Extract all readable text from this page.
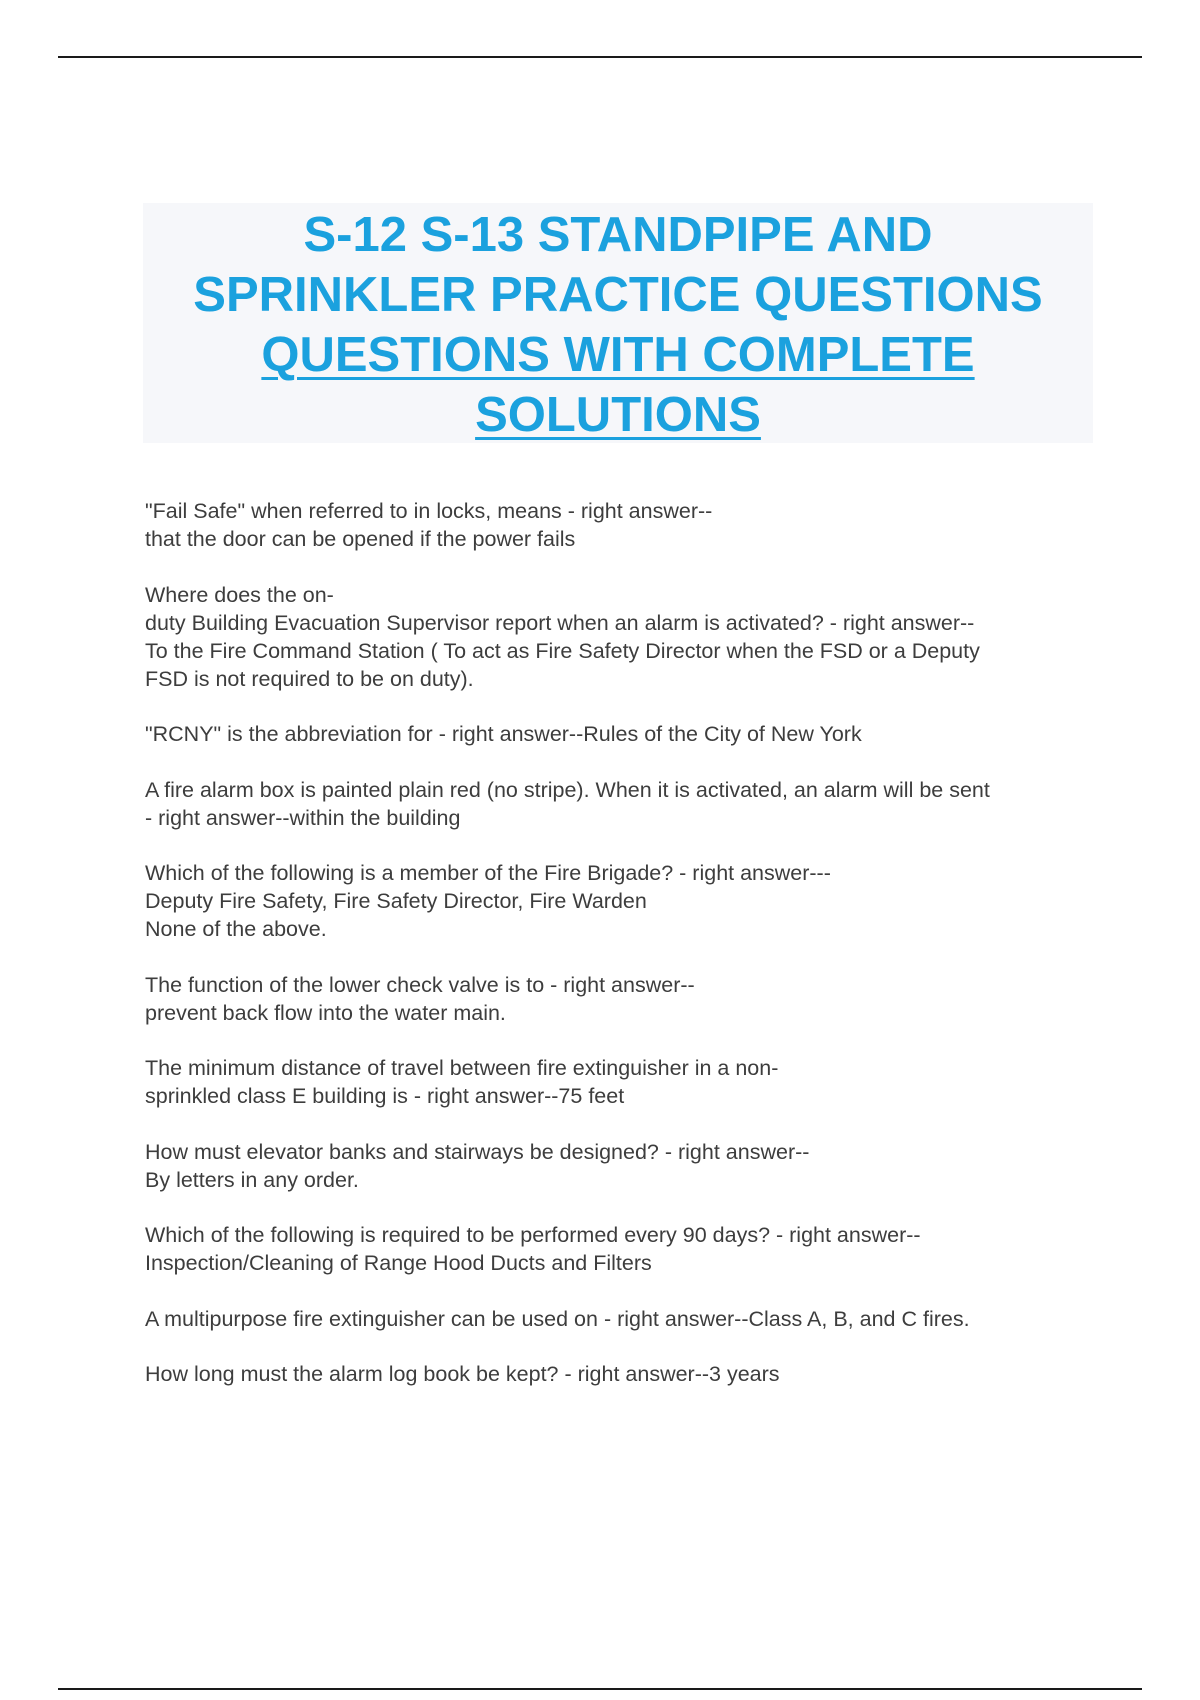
S-12 S-13 STANDPIPE AND
SPRINKLER PRACTICE QUESTIONS
QUESTIONS WITH COMPLETE
SOLUTIONS
"Fail Safe" when referred to in locks, means - right answer--
that the door can be opened if the power fails
Where does the on-
duty Building Evacuation Supervisor report when an alarm is activated? - right answer--
To the Fire Command Station ( To act as Fire Safety Director when the FSD or a Deputy
FSD is not required to be on duty).
"RCNY" is the abbreviation for - right answer--Rules of the City of New York
A fire alarm box is painted plain red (no stripe). When it is activated, an alarm will be sent
- right answer--within the building
Which of the following is a member of the Fire Brigade? - right answer---
Deputy Fire Safety, Fire Safety Director, Fire Warden
None of the above.
The function of the lower check valve is to - right answer--
prevent back flow into the water main.
The minimum distance of travel between fire extinguisher in a non-
sprinkled class E building is - right answer--75 feet
How must elevator banks and stairways be designed? - right answer--
By letters in any order.
Which of the following is required to be performed every 90 days? - right answer--
Inspection/Cleaning of Range Hood Ducts and Filters
A multipurpose fire extinguisher can be used on - right answer--Class A, B, and C fires.
How long must the alarm log book be kept? - right answer--3 years
